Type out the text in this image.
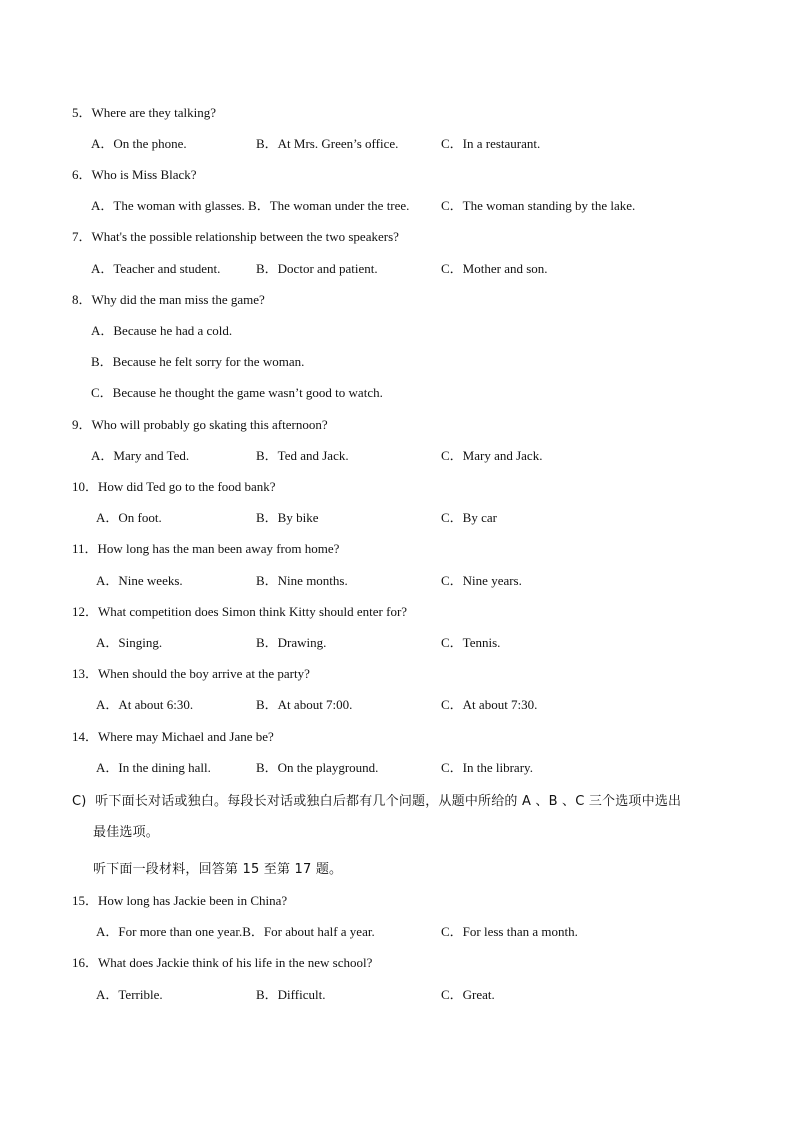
5．Where are they talking?
A．On the phone.	B．At Mrs. Green’s office.	C．In a restaurant.
6．Who is Miss Black?
A．The woman with glasses. B．The woman under the tree. C．The woman standing by the lake.
7．What's the possible relationship between the two speakers?
A．Teacher and student.	B．Doctor and patient.	C．Mother and son.
8．Why did the man miss the game?
A．Because he had a cold.
B．Because he felt sorry for the woman.
C．Because he thought the game wasn’t good to watch.
9．Who will probably go skating this afternoon?
A．Mary and Ted.	B．Ted and Jack.	C．Mary and Jack.
10．How did Ted go to the food bank?
A．On foot.	B．By bike	C．By car
11．How long has the man been away from home?
A．Nine weeks.	B．Nine months.	C．Nine years.
12．What competition does Simon think Kitty should enter for?
A．Singing.	B．Drawing.	C．Tennis.
13．When should the boy arrive at the party?
A．At about 6:30.	B．At about 7:00.	C．At about 7:30.
14．Where may Michael and Jane be?
A．In the dining hall.	B．On the playground.	C．In the library.
C)  听下面长对话或独白。每段长对话或独白后都有几个问题，从题中所给的 A 、B 、C 三个选项中选出
最佳选项。
听下面一段材料，回答第 15 至第 17 题。
15．How long has Jackie been in China?
A．For more than one year.B．For about half a year.	C．For less than a month.
16．What does Jackie think of his life in the new school?
A．Terrible.	B．Difficult.	C．Great.
